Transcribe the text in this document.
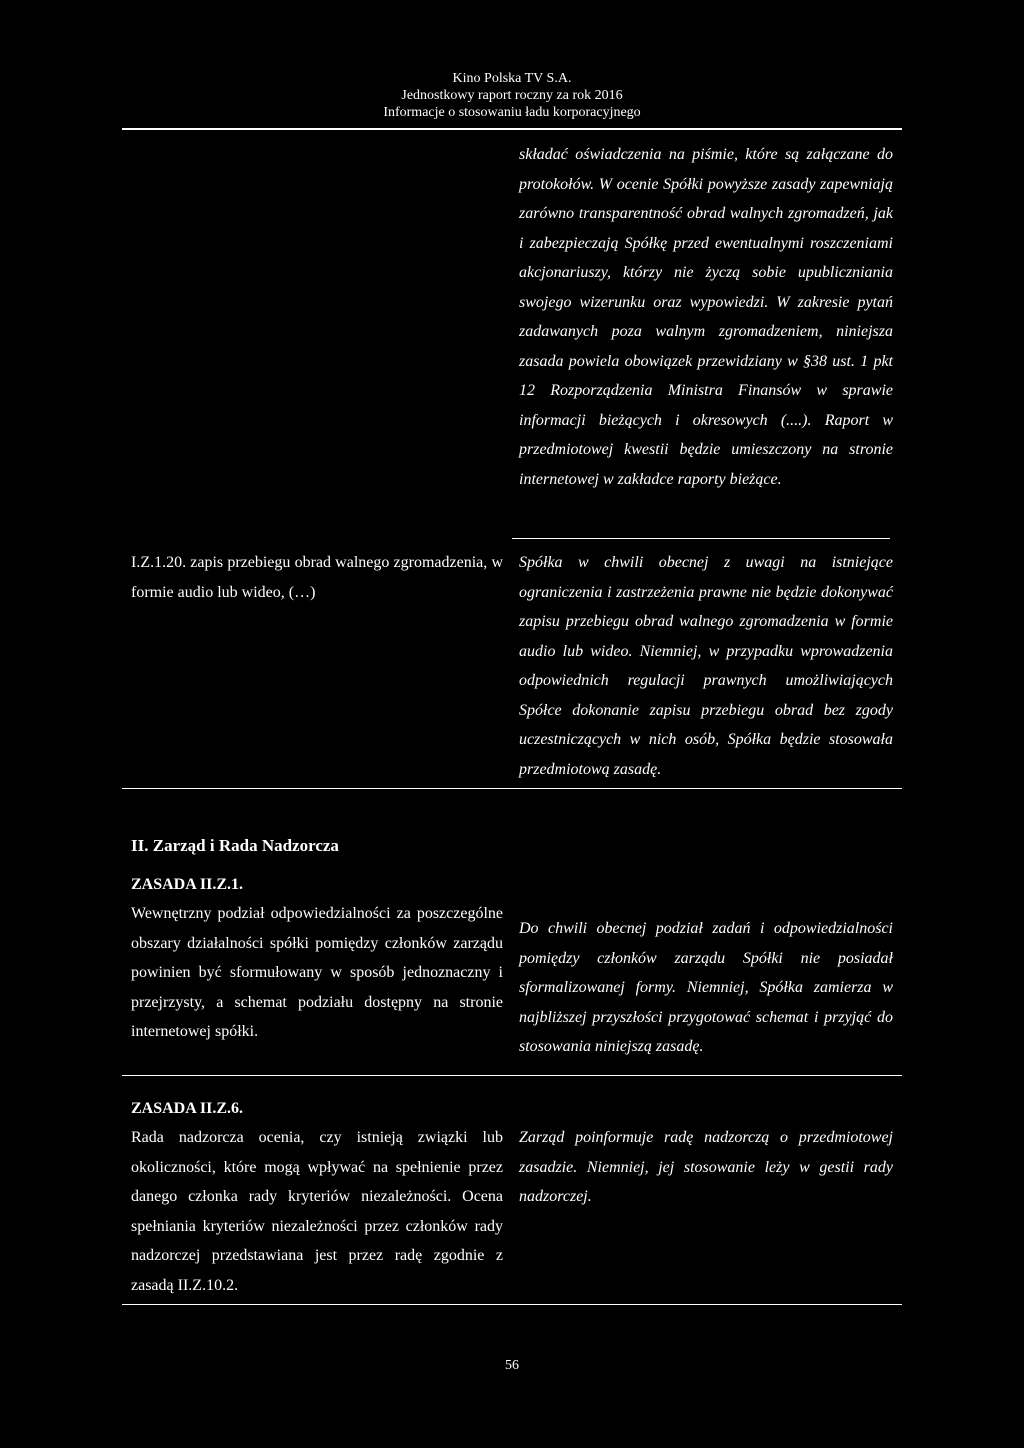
Kino Polska TV S.A.
Jednostkowy raport roczny za rok 2016
Informacje o stosowaniu ładu korporacyjnego
składać oświadczenia na piśmie, które są załączane do protokołów. W ocenie Spółki powyższe zasady zapewniają zarówno transparentność obrad walnych zgromadzeń, jak i zabezpieczają Spółkę przed ewentualnymi roszczeniami akcjonariuszy, którzy nie życzą sobie upubliczniania swojego wizerunku oraz wypowiedzi. W zakresie pytań zadawanych poza walnym zgromadzeniem, niniejsza zasada powiela obowiązek przewidziany w §38 ust. 1 pkt 12 Rozporządzenia Ministra Finansów w sprawie informacji bieżących i okresowych (....). Raport w przedmiotowej kwestii będzie umieszczony na stronie internetowej w zakładce raporty bieżące.
I.Z.1.20. zapis przebiegu obrad walnego zgromadzenia, w formie audio lub wideo, (…)
Spółka w chwili obecnej z uwagi na istniejące ograniczenia i zastrzeżenia prawne nie będzie dokonywać zapisu przebiegu obrad walnego zgromadzenia w formie audio lub wideo. Niemniej, w przypadku wprowadzenia odpowiednich regulacji prawnych umożliwiających Spółce dokonanie zapisu przebiegu obrad bez zgody uczestniczących w nich osób, Spółka będzie stosowała przedmiotową zasadę.
II. Zarząd i Rada Nadzorcza
ZASADA II.Z.1.
Wewnętrzny podział odpowiedzialności za poszczególne obszary działalności spółki pomiędzy członków zarządu powinien być sformułowany w sposób jednoznaczny i przejrzysty, a schemat podziału dostępny na stronie internetowej spółki.
Do chwili obecnej podział zadań i odpowiedzialności pomiędzy członków zarządu Spółki nie posiadał sformalizowanej formy. Niemniej, Spółka zamierza w najbliższej przyszłości przygotować schemat i przyjąć do stosowania niniejszą zasadę.
ZASADA II.Z.6.
Rada nadzorcza ocenia, czy istnieją związki lub okoliczności, które mogą wpływać na spełnienie przez danego członka rady kryteriów niezależności. Ocena spełniania kryteriów niezależności przez członków rady nadzorczej przedstawiana jest przez radę zgodnie z zasadą II.Z.10.2.
Zarząd poinformuje radę nadzorczą o przedmiotowej zasadzie. Niemniej, jej stosowanie leży w gestii rady nadzorczej.
56
